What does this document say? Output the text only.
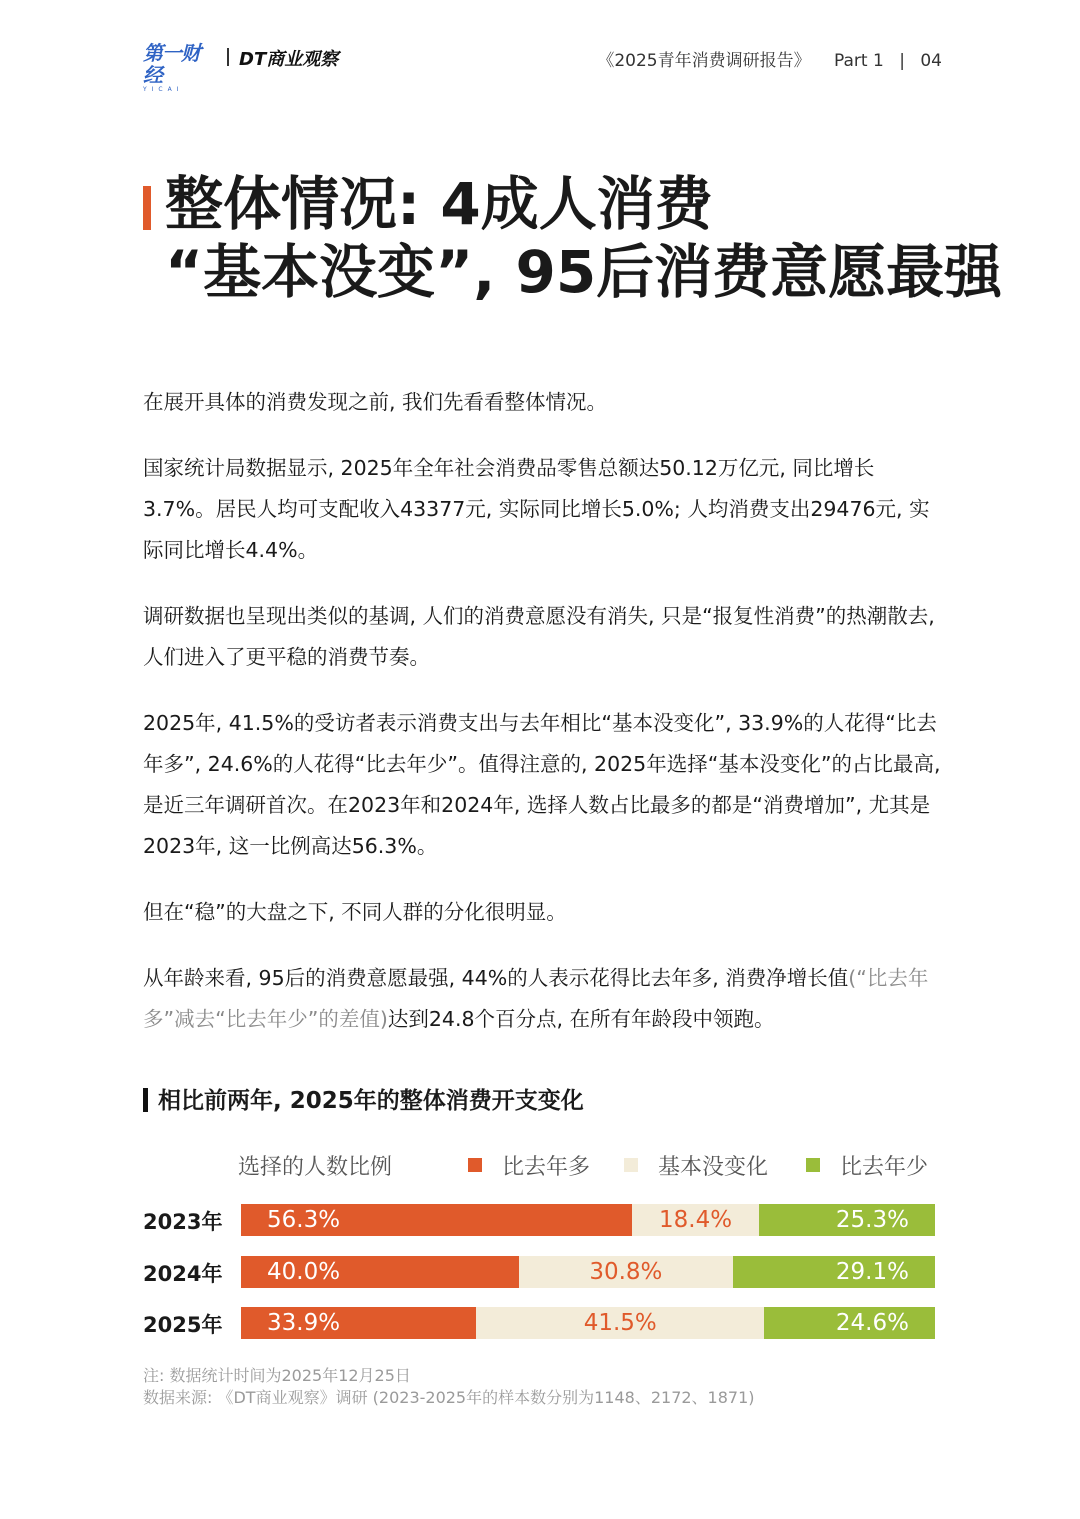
第一财经
YICAI
DT商业观察	《2025青年消费调研报告》 Part 1 | 04
整体情况: 4成人消费
“基本没变”, 95后消费意愿最强

在展开具体的消费发现之前, 我们先看看整体情况。

国家统计局数据显示, 2025年全年社会消费品零售总额达50.12万亿元, 同比增长3.7%。居民人均可支配收入43377元, 实际同比增长5.0%; 人均消费支出29476元, 实际同比增长4.4%。

调研数据也呈现出类似的基调, 人们的消费意愿没有消失, 只是“报复性消费”的热潮散去, 人们进入了更平稳的消费节奏。

2025年, 41.5%的受访者表示消费支出与去年相比“基本没变化”, 33.9%的人花得“比去年多”, 24.6%的人花得“比去年少”。值得注意的, 2025年选择“基本没变化”的占比最高, 是近三年调研首次。在2023年和2024年, 选择人数占比最多的都是“消费增加”, 尤其是2023年, 这一比例高达56.3%。

但在“稳”的大盘之下, 不同人群的分化很明显。

从年龄来看, 95后的消费意愿最强, 44%的人表示花得比去年多, 消费净增长值(“比去年多”减去“比去年少”的差值)达到24.8个百分点, 在所有年龄段中领跑。

相比前两年, 2025年的整体消费开支变化
选择的人数比例	比去年多	基本没变化	比去年少
2023年	56.3%	18.4%	25.3%
2024年	40.0%	30.8%	29.1%
2025年	33.9%	41.5%	24.6%
注: 数据统计时间为2025年12月25日
数据来源: 《DT商业观察》调研 (2023-2025年的样本数分别为1148、2172、1871)
